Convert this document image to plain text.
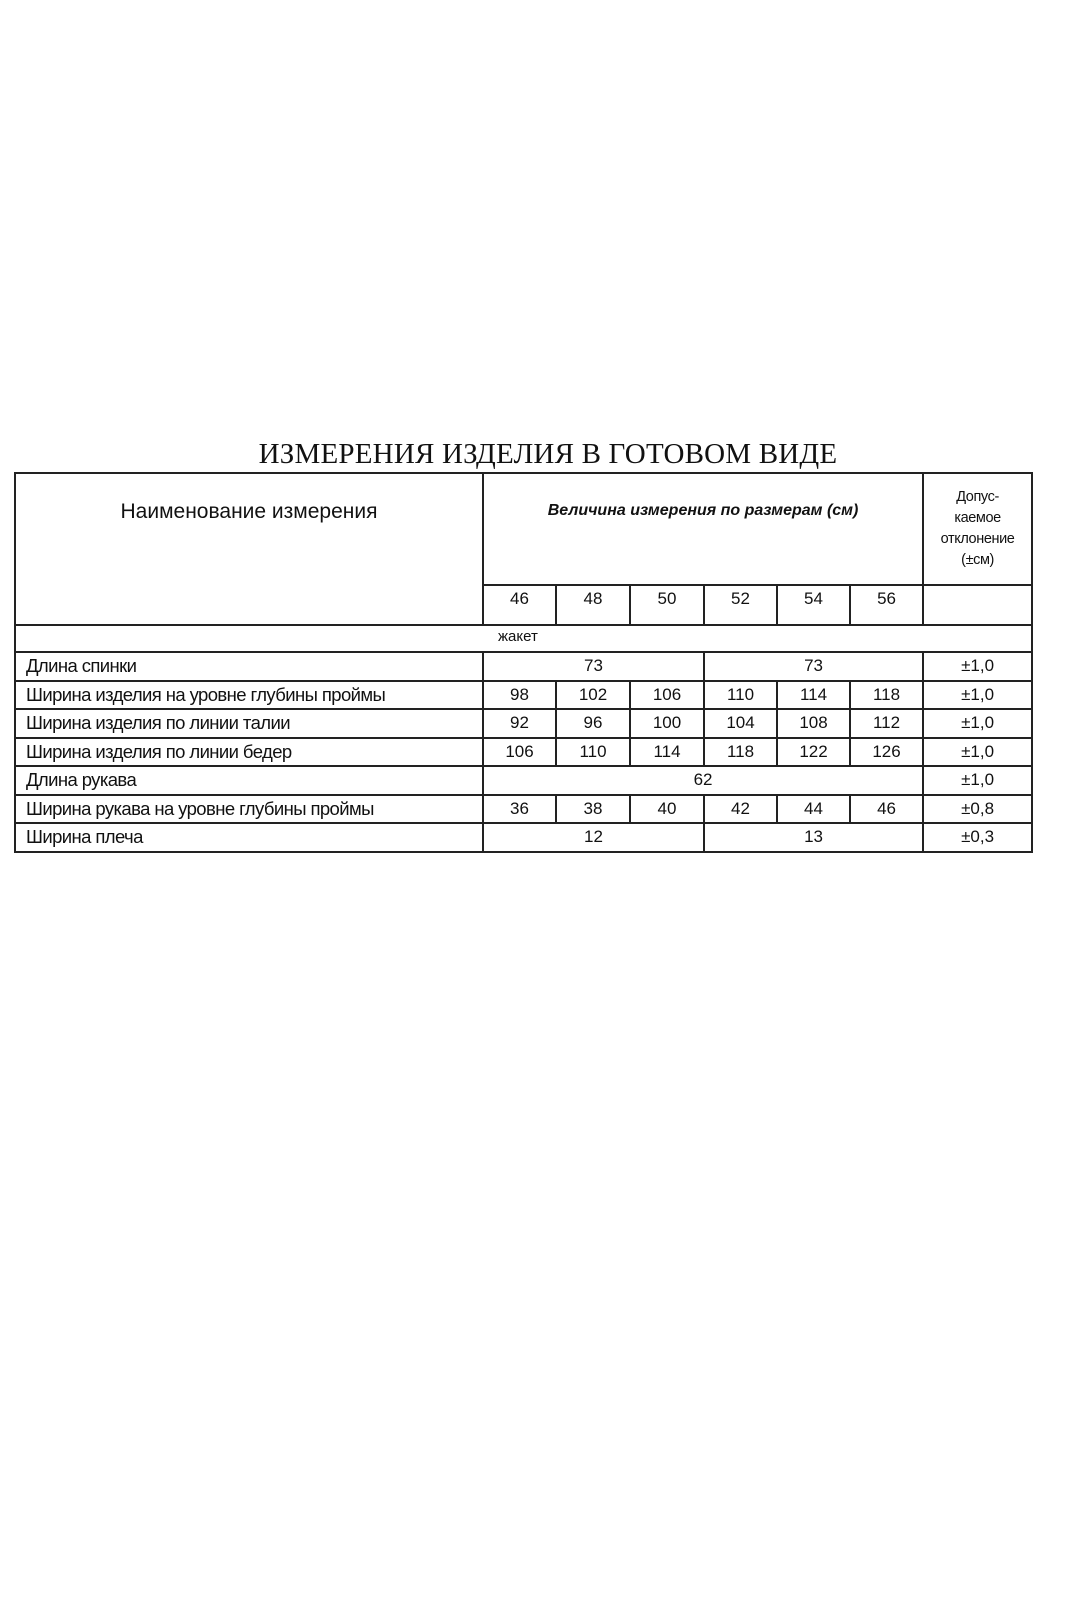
ИЗМЕРЕНИЯ ИЗДЕЛИЯ В ГОТОВОМ ВИДЕ
Наименование измерения	Величина измерения по размерам (см)						Допус-
каемое
отклонение
(±см)

	46	48	50	52	54	56	
жакет							
Длина спинки	73			73			±1,0
Ширина изделия на уровне глубины проймы	98	102	106	110	114	118	±1,0
Ширина изделия по линии талии	92	96	100	104	108	112	±1,0
Ширина изделия по линии бедер	106	110	114	118	122	126	±1,0
Длина рукава	62						±1,0
Ширина рукава на уровне глубины проймы	36	38	40	42	44	46	±0,8
Ширина плеча	12			13			±0,3
